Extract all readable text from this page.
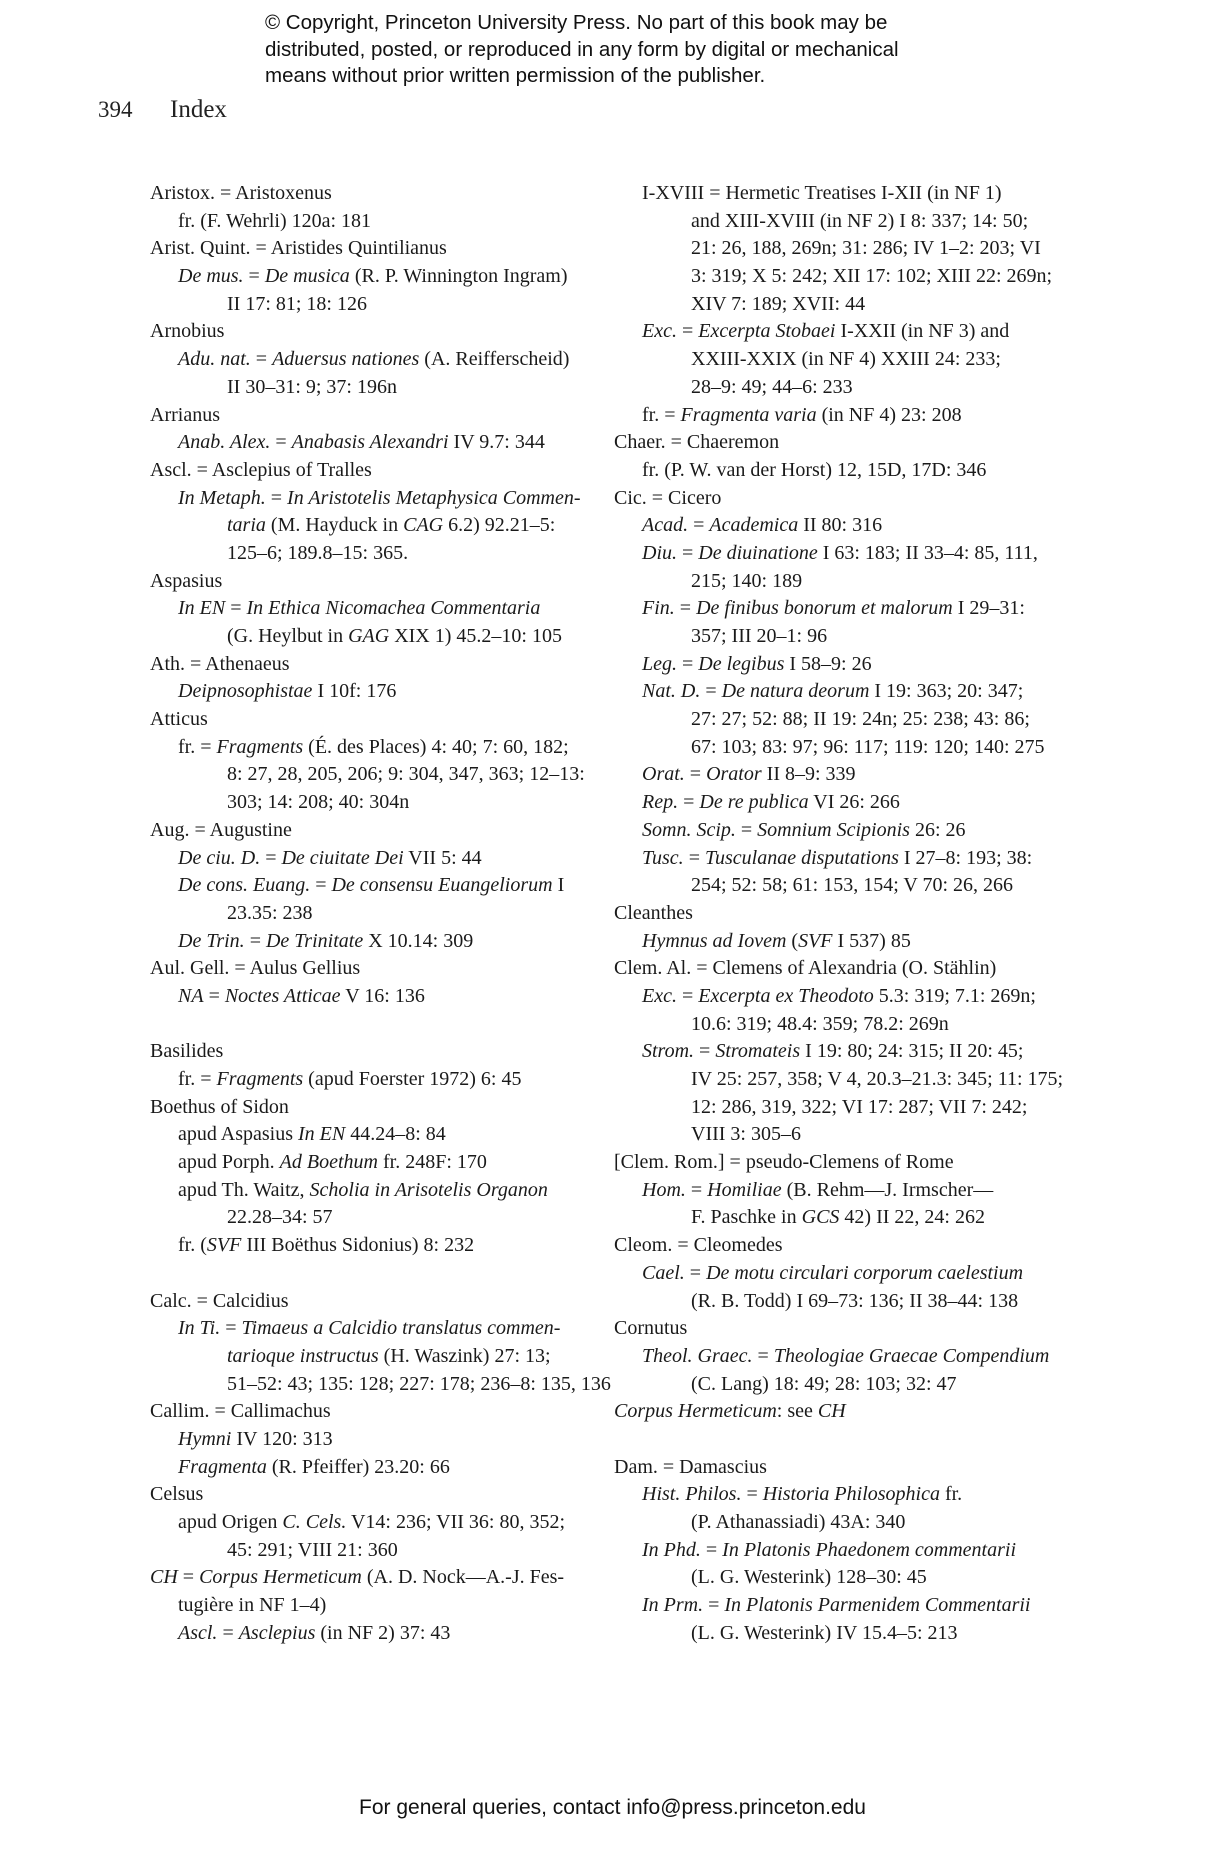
© Copyright, Princeton University Press. No part of this book may be
distributed, posted, or reproduced in any form by digital or mechanical
means without prior written permission of the publisher.
394 Index
Aristox. = Aristoxenus
fr. (F. Wehrli) 120a: 181
Arist. Quint. = Aristides Quintilianus
De mus. = De musica (R. P. Winnington Ingram)
II 17: 81; 18: 126
Arnobius
Adu. nat. = Aduersus nationes (A. Reifferscheid)
II 30–31: 9; 37: 196n
Arrianus
Anab. Alex. = Anabasis Alexandri IV 9.7: 344
Ascl. = Asclepius of Tralles
In Metaph. = In Aristotelis Metaphysica Commen-
taria (M. Hayduck in CAG 6.2) 92.21–5:
125–6; 189.8–15: 365.
Aspasius
In EN = In Ethica Nicomachea Commentaria
(G. Heylbut in GAG XIX 1) 45.2–10: 105
Ath. = Athenaeus
Deipnosophistae I 10f: 176
Atticus
fr. = Fragments (É. des Places) 4: 40; 7: 60, 182;
8: 27, 28, 205, 206; 9: 304, 347, 363; 12–13:
303; 14: 208; 40: 304n
Aug. = Augustine
De ciu. D. = De ciuitate Dei VII 5: 44
De cons. Euang. = De consensu Euangeliorum I
23.35: 238
De Trin. = De Trinitate X 10.14: 309
Aul. Gell. = Aulus Gellius
NA = Noctes Atticae V 16: 136
Basilides
fr. = Fragments (apud Foerster 1972) 6: 45
Boethus of Sidon
apud Aspasius In EN 44.24–8: 84
apud Porph. Ad Boethum fr. 248F: 170
apud Th. Waitz, Scholia in Arisotelis Organon
22.28–34: 57
fr. (SVF III Boëthus Sidonius) 8: 232
Calc. = Calcidius
In Ti. = Timaeus a Calcidio translatus commen-
tarioque instructus (H. Waszink) 27: 13;
51–52: 43; 135: 128; 227: 178; 236–8: 135, 136
Callim. = Callimachus
Hymni IV 120: 313
Fragmenta (R. Pfeiffer) 23.20: 66
Celsus
apud Origen C. Cels. V14: 236; VII 36: 80, 352;
45: 291; VIII 21: 360
CH = Corpus Hermeticum (A. D. Nock—A.-J. Fes-
tugière in NF 1–4)
Ascl. = Asclepius (in NF 2) 37: 43
I-XVIII = Hermetic Treatises I-XII (in NF 1)
and XIII-XVIII (in NF 2) I 8: 337; 14: 50;
21: 26, 188, 269n; 31: 286; IV 1–2: 203; VI
3: 319; X 5: 242; XII 17: 102; XIII 22: 269n;
XIV 7: 189; XVII: 44
Exc. = Excerpta Stobaei I-XXII (in NF 3) and
XXIII-XXIX (in NF 4) XXIII 24: 233;
28–9: 49; 44–6: 233
fr. = Fragmenta varia (in NF 4) 23: 208
Chaer. = Chaeremon
fr. (P. W. van der Horst) 12, 15D, 17D: 346
Cic. = Cicero
Acad. = Academica II 80: 316
Diu. = De diuinatione I 63: 183; II 33–4: 85, 111,
215; 140: 189
Fin. = De finibus bonorum et malorum I 29–31:
357; III 20–1: 96
Leg. = De legibus I 58–9: 26
Nat. D. = De natura deorum I 19: 363; 20: 347;
27: 27; 52: 88; II 19: 24n; 25: 238; 43: 86;
67: 103; 83: 97; 96: 117; 119: 120; 140: 275
Orat. = Orator II 8–9: 339
Rep. = De re publica VI 26: 266
Somn. Scip. = Somnium Scipionis 26: 26
Tusc. = Tusculanae disputations I 27–8: 193; 38:
254; 52: 58; 61: 153, 154; V 70: 26, 266
Cleanthes
Hymnus ad Iovem (SVF I 537) 85
Clem. Al. = Clemens of Alexandria (O. Stählin)
Exc. = Excerpta ex Theodoto 5.3: 319; 7.1: 269n;
10.6: 319; 48.4: 359; 78.2: 269n
Strom. = Stromateis I 19: 80; 24: 315; II 20: 45;
IV 25: 257, 358; V 4, 20.3–21.3: 345; 11: 175;
12: 286, 319, 322; VI 17: 287; VII 7: 242;
VIII 3: 305–6
[Clem. Rom.] = pseudo-Clemens of Rome
Hom. = Homiliae (B. Rehm—J. Irmscher—
F. Paschke in GCS 42) II 22, 24: 262
Cleom. = Cleomedes
Cael. = De motu circulari corporum caelestium
(R. B. Todd) I 69–73: 136; II 38–44: 138
Cornutus
Theol. Graec. = Theologiae Graecae Compendium
(C. Lang) 18: 49; 28: 103; 32: 47
Corpus Hermeticum: see CH
Dam. = Damascius
Hist. Philos. = Historia Philosophica fr.
(P. Athanassiadi) 43A: 340
In Phd. = In Platonis Phaedonem commentarii
(L. G. Westerink) 128–30: 45
In Prm. = In Platonis Parmenidem Commentarii
(L. G. Westerink) IV 15.4–5: 213
For general queries, contact info@press.princeton.edu
